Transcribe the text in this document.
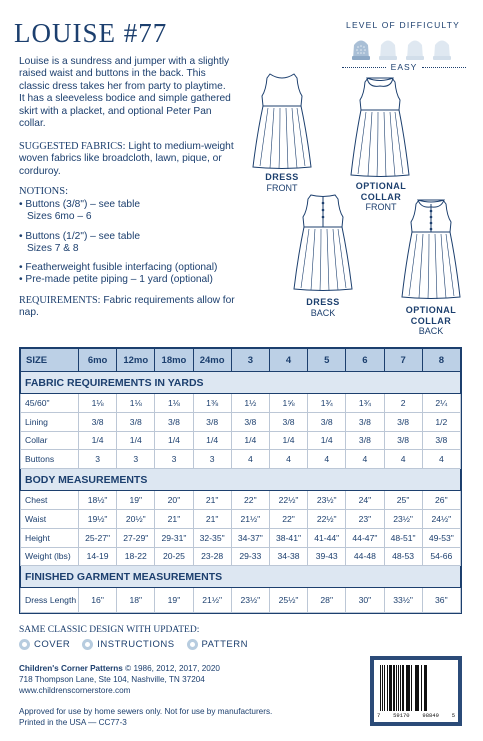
LOUISE #77	LEVEL OF DIFFICULTY
EASY
Louise is a sundress and jumper with a slightly raised waist and buttons in the back. This classic dress takes her from party to playtime. It has a sleeveless bodice and simple gathered skirt with a placket, and optional Peter Pan collar.
SUGGESTED FABRICS: Light to medium-weight woven fabrics like broadcloth, lawn, pique, or corduroy.
NOTIONS:
• Buttons (3/8") – see table
Sizes 6mo – 6
• Buttons (1/2") – see table
Sizes 7 & 8
• Featherweight fusible interfacing (optional)
• Pre-made petite piping – 1 yard (optional)
REQUIREMENTS: Fabric requirements allow for nap.
DRESS
FRONT	OPTIONAL COLLAR
FRONT
DRESS
BACK	OPTIONAL COLLAR
BACK
SIZE	6mo	12mo	18mo	24mo	3	4	5	6	7	8
FABRIC REQUIREMENTS IN YARDS										
45/60"	1⅛	1⅛	1⅛	1⅜	1½	1⅝	1¾	1¾	2	2¼
Lining	3/8	3/8	3/8	3/8	3/8	3/8	3/8	3/8	3/8	1/2
Collar	1/4	1/4	1/4	1/4	1/4	1/4	1/4	3/8	3/8	3/8
Buttons	3	3	3	3	4	4	4	4	4	4
BODY MEASUREMENTS										
Chest	18½"	19"	20"	21"	22"	22½"	23½"	24"	25"	26"
Waist	19½"	20½"	21"	21"	21½"	22"	22½"	23"	23½"	24½"
Height	25-27"	27-29"	29-31"	32-35"	34-37"	38-41"	41-44"	44-47"	48-51"	49-53"
Weight (lbs)	14-19	18-22	20-25	23-28	29-33	34-38	39-43	44-48	48-53	54-66
FINISHED GARMENT MEASUREMENTS										
Dress Length	16"	18"	19"	21½"	23½"	25½"	28"	30"	33½"	36"
SAME CLASSIC DESIGN WITH UPDATED:
COVER	INSTRUCTIONS	PATTERN
Children's Corner Patterns © 1986, 2012, 2017, 2020
718 Thompson Lane, Ste 104, Nashville, TN 37204
www.childrenscornerstore.com
Approved for use by home sewers only. Not for use by manufacturers.
Printed in the USA — CC77-3
7 59170 98849 5
